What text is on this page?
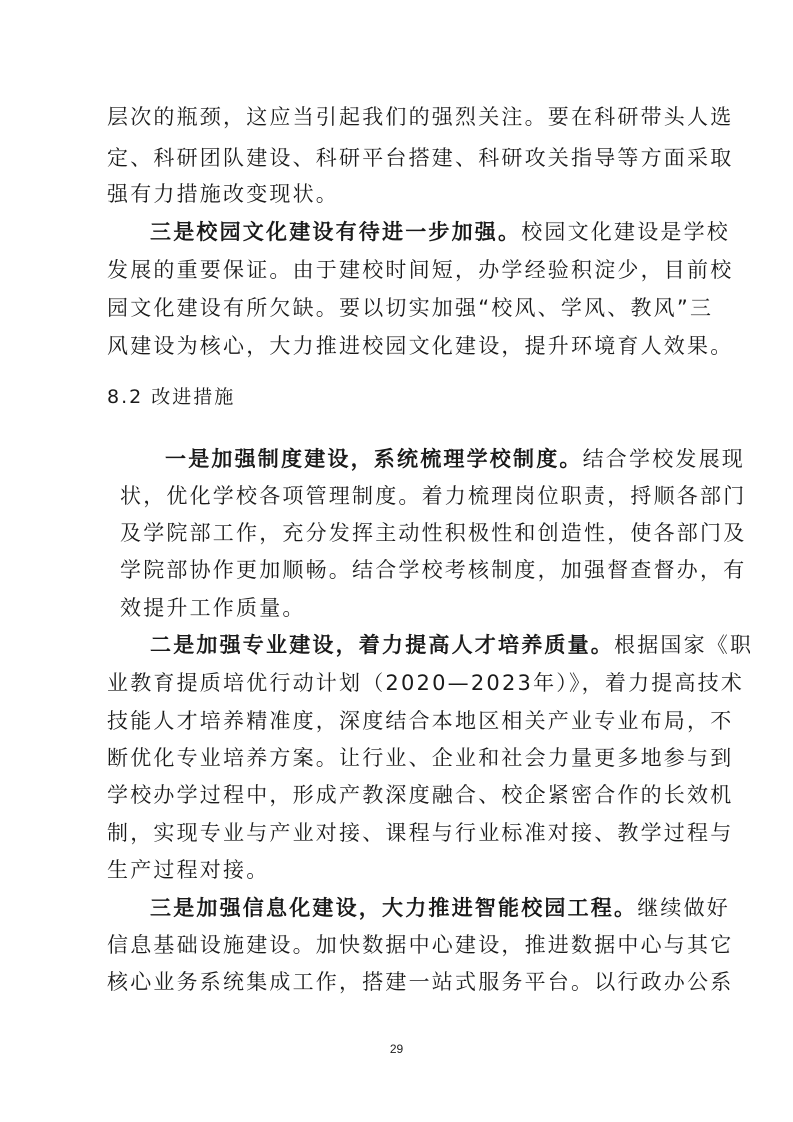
层次的瓶颈，这应当引起我们的强烈关注。要在科研带头人选
定、科研团队建设、科研平台搭建、科研攻关指导等方面采取
强有力措施改变现状。
三是校园文化建设有待进一步加强。校园文化建设是学校
发展的重要保证。由于建校时间短，办学经验积淀少，目前校
园文化建设有所欠缺。要以切实加强“校风、学风、教风”三
风建设为核心，大力推进校园文化建设，提升环境育人效果。
8.2 改进措施
一是加强制度建设，系统梳理学校制度。结合学校发展现
状，优化学校各项管理制度。着力梳理岗位职责，捋顺各部门
及学院部工作，充分发挥主动性积极性和创造性，使各部门及
学院部协作更加顺畅。结合学校考核制度，加强督查督办，有
效提升工作质量。
二是加强专业建设，着力提高人才培养质量。根据国家《职
业教育提质培优行动计划（2020—2023年）》，着力提高技术
技能人才培养精准度，深度结合本地区相关产业专业布局，不
断优化专业培养方案。让行业、企业和社会力量更多地参与到
学校办学过程中，形成产教深度融合、校企紧密合作的长效机
制，实现专业与产业对接、课程与行业标准对接、教学过程与
生产过程对接。
三是加强信息化建设，大力推进智能校园工程。继续做好
信息基础设施建设。加快数据中心建设，推进数据中心与其它
核心业务系统集成工作，搭建一站式服务平台。以行政办公系
29
